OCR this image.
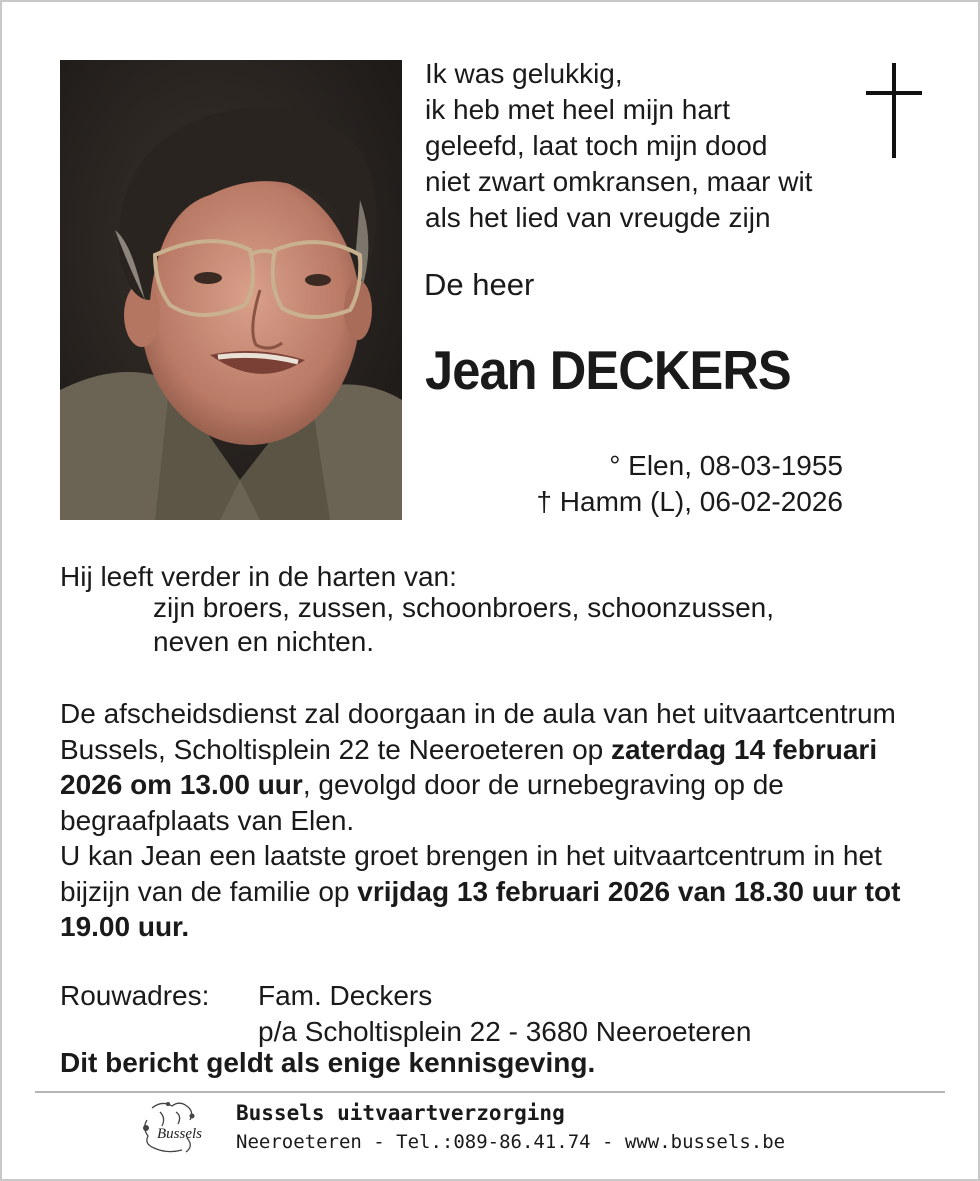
Ik was gelukkig,
ik heb met heel mijn hart
geleefd, laat toch mijn dood
niet zwart omkransen, maar wit
als het lied van vreugde zijn
De heer
Jean DECKERS
° Elen, 08-03-1955
† Hamm (L), 06-02-2026
Hij leeft verder in de harten van:
zijn broers, zussen, schoonbroers, schoonzussen,
neven en nichten.
De afscheidsdienst zal doorgaan in de aula van het uitvaartcentrum Bussels, Scholtisplein 22 te Neeroeteren op zaterdag 14 februari 2026 om 13.00 uur, gevolgd door de urnebegraving op de begraafplaats van Elen.
U kan Jean een laatste groet brengen in het uitvaartcentrum in het bijzijn van de familie op vrijdag 13 februari 2026 van 18.30 uur tot 19.00 uur.
Rouwadres: Fam. Deckers
p/a Scholtisplein 22 - 3680 Neeroeteren
Dit bericht geldt als enige kennisgeving.
Bussels
Bussels uitvaartverzorging
Neeroeteren - Tel.:089-86.41.74 - www.bussels.be
